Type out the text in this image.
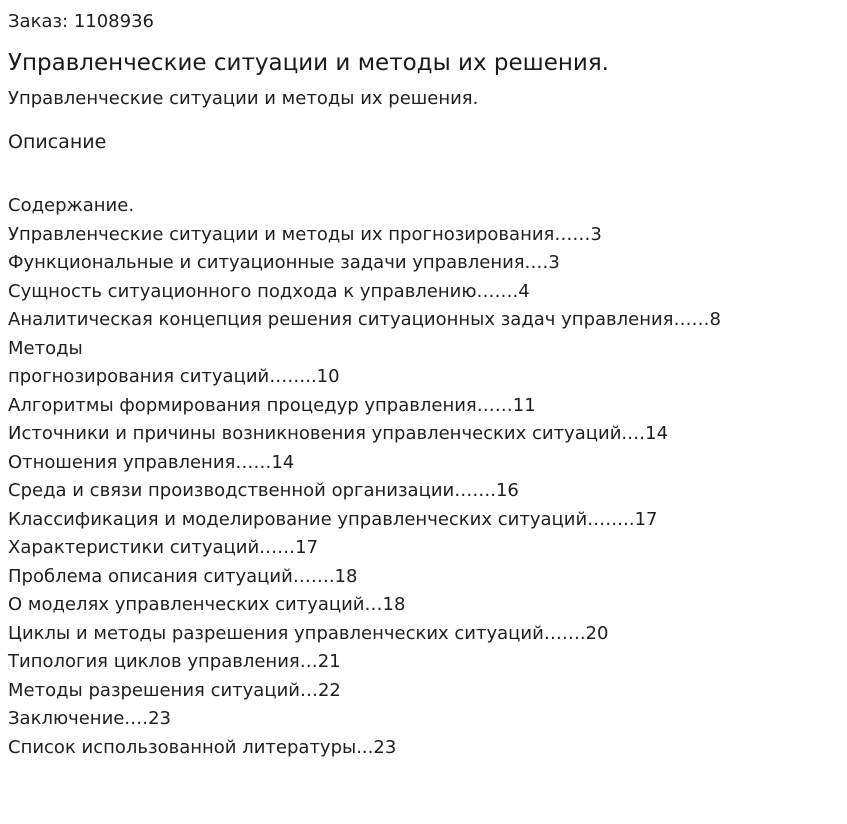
Заказ: 1108936
Управленческие ситуации и методы их решения.
Управленческие ситуации и методы их решения.
Описание
Содержание.
Управленческие ситуации и методы их прогнозирования……3
Функциональные и ситуационные задачи управления.…3
Сущность ситуационного подхода к управлению…….4
Аналитическая концепция решения ситуационных задач управления……8
Методы
прогнозирования ситуаций……..10
Алгоритмы формирования процедур управления……11
Источники и причины возникновения управленческих ситуаций.…14
Отношения управления……14
Среда и связи производственной организации…….16
Классификация и моделирование управленческих ситуаций……..17
Характеристики ситуаций……17
Проблема описания ситуаций…….18
О моделях управленческих ситуаций…18
Циклы и методы разрешения управленческих ситуаций…….20
Типология циклов управления…21
Методы разрешения ситуаций…22
Заключение.…23
Список использованной литературы...23
